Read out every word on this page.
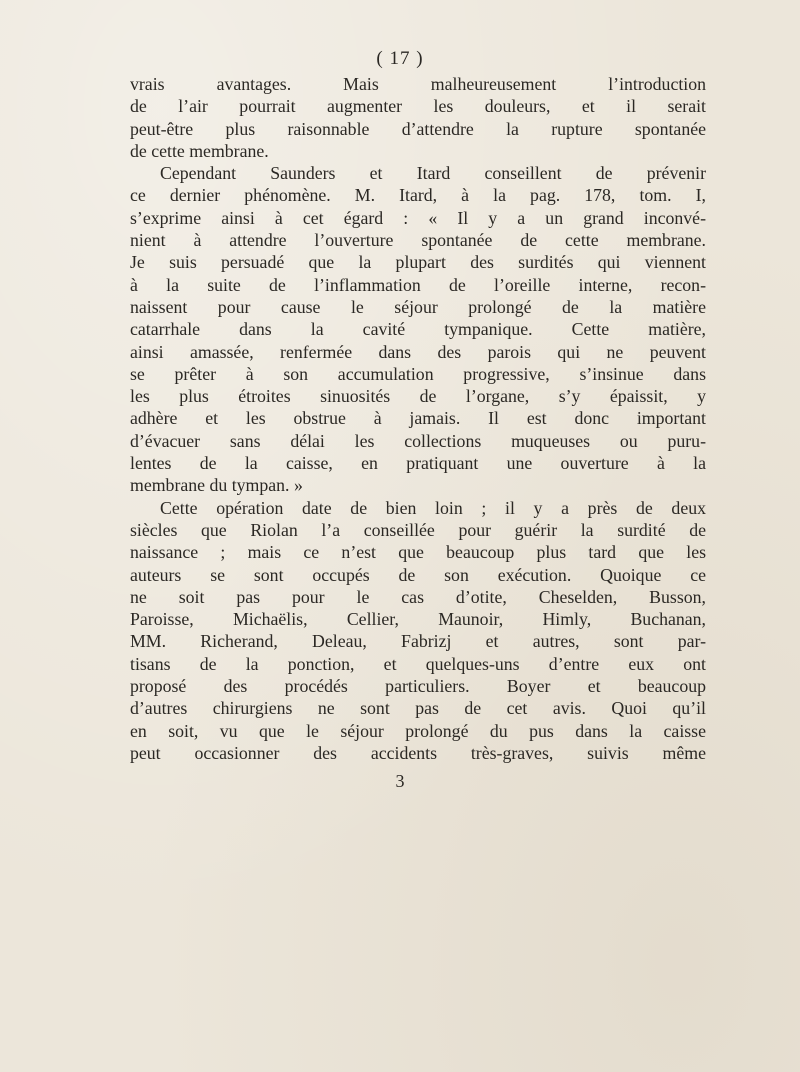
( 17 )
vrais avantages. Mais malheureusement l’introduction
de l’air pourrait augmenter les douleurs, et il serait
peut-être plus raisonnable d’attendre la rupture spontanée
de cette membrane.
Cependant Saunders et Itard conseillent de prévenir
ce dernier phénomène. M. Itard, à la pag. 178, tom. I,
s’exprime ainsi à cet égard : « Il y a un grand inconvé-
nient à attendre l’ouverture spontanée de cette membrane.
Je suis persuadé que la plupart des surdités qui viennent
à la suite de l’inflammation de l’oreille interne, recon-
naissent pour cause le séjour prolongé de la matière
catarrhale dans la cavité tympanique. Cette matière,
ainsi amassée, renfermée dans des parois qui ne peuvent
se prêter à son accumulation progressive, s’insinue dans
les plus étroites sinuosités de l’organe, s’y épaissit, y
adhère et les obstrue à jamais. Il est donc important
d’évacuer sans délai les collections muqueuses ou puru-
lentes de la caisse, en pratiquant une ouverture à la
membrane du tympan. »
Cette opération date de bien loin ; il y a près de deux
siècles que Riolan l’a conseillée pour guérir la surdité de
naissance ; mais ce n’est que beaucoup plus tard que les
auteurs se sont occupés de son exécution. Quoique ce
ne soit pas pour le cas d’otite, Cheselden, Busson,
Paroisse, Michaëlis, Cellier, Maunoir, Himly, Buchanan,
MM. Richerand, Deleau, Fabrizj et autres, sont par-
tisans de la ponction, et quelques-uns d’entre eux ont
proposé des procédés particuliers. Boyer et beaucoup
d’autres chirurgiens ne sont pas de cet avis. Quoi qu’il
en soit, vu que le séjour prolongé du pus dans la caisse
peut occasionner des accidents très-graves, suivis même
3
